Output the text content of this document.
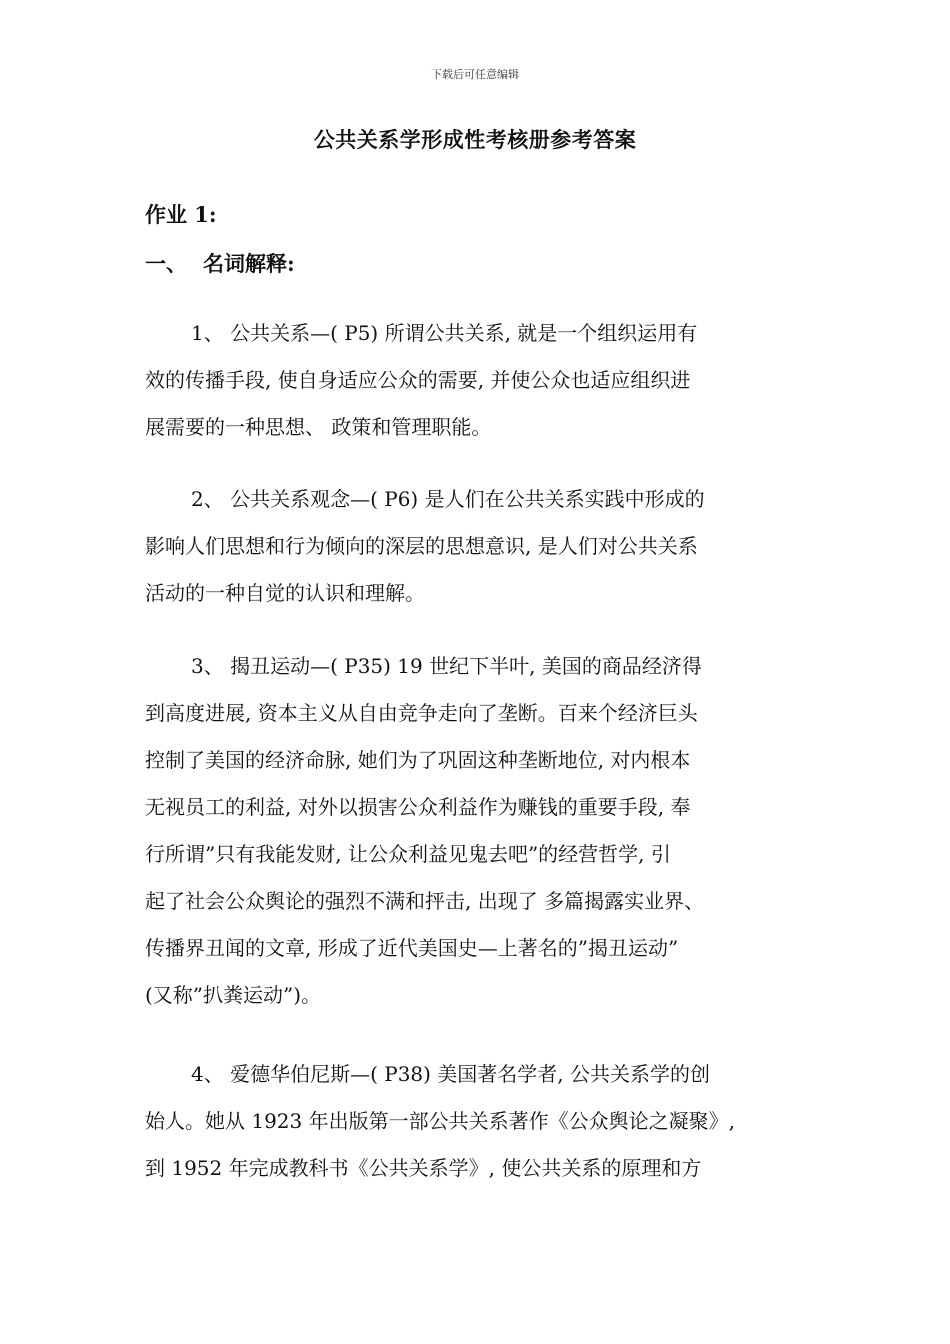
下载后可任意编辑
公共关系学形成性考核册参考答案
作业 1:
一、 名词解释:
1、 公共关系—( P5) 所谓公共关系, 就是一个组织运用有
效的传播手段, 使自身适应公众的需要, 并使公众也适应组织进
展需要的一种思想、 政策和管理职能。
2、 公共关系观念—( P6) 是人们在公共关系实践中形成的
影响人们思想和行为倾向的深层的思想意识, 是人们对公共关系
活动的一种自觉的认识和理解。
3、 揭丑运动—( P35) 19 世纪下半叶, 美国的商品经济得
到高度进展, 资本主义从自由竞争走向了垄断。百来个经济巨头
控制了美国的经济命脉, 她们为了巩固这种垄断地位, 对内根本
无视员工的利益, 对外以损害公众利益作为赚钱的重要手段, 奉
行所谓”只有我能发财, 让公众利益见鬼去吧”的经营哲学, 引
起了社会公众舆论的强烈不满和抨击, 出现了 多篇揭露实业界、
传播界丑闻的文章, 形成了近代美国史—上著名的”揭丑运动”
(又称”扒粪运动”)。
4、 爱德华伯尼斯—( P38) 美国著名学者, 公共关系学的创
始人。她从 1923 年出版第一部公共关系著作《公众舆论之凝聚》,
到 1952 年完成教科书《公共关系学》, 使公共关系的原理和方
